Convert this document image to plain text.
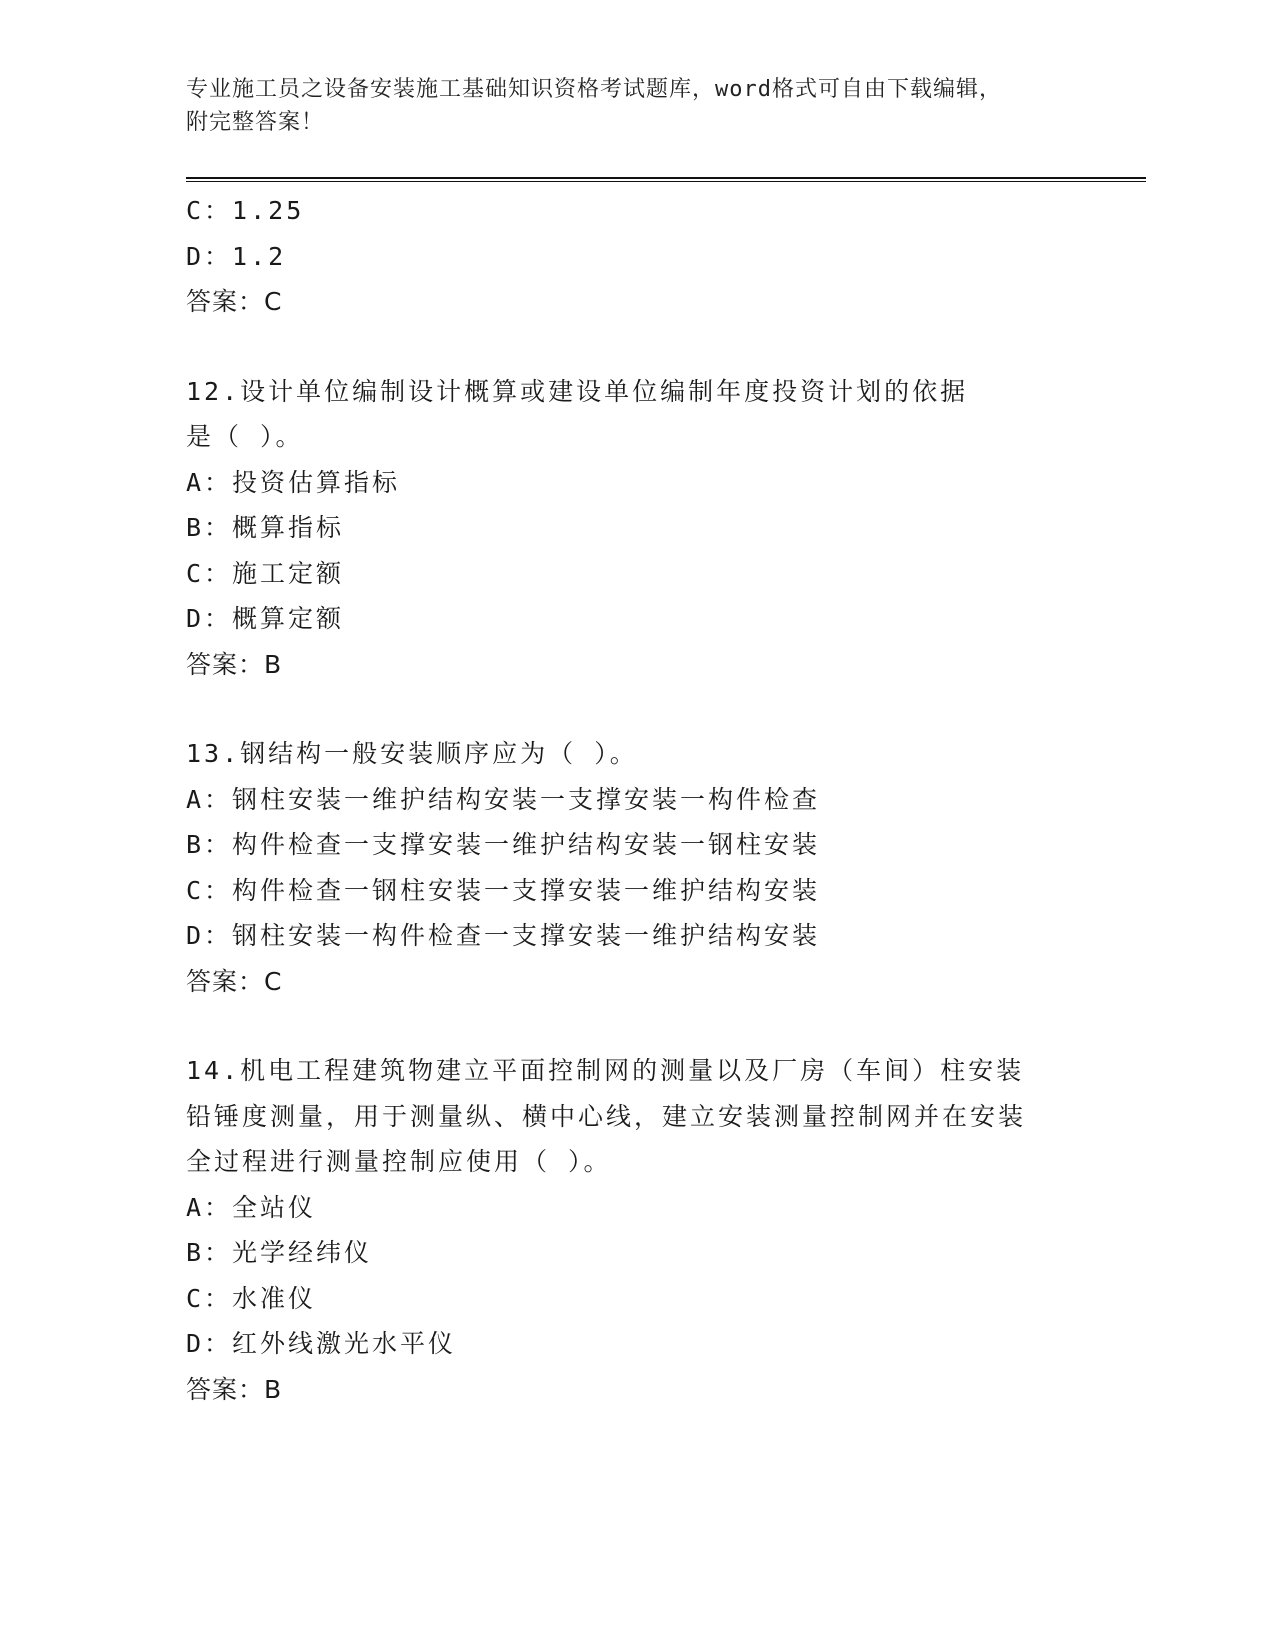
专业施工员之设备安装施工基础知识资格考试题库，word格式可自由下载编辑，
附完整答案！
C：1.25
D：1.2
答案：C
12.设计单位编制设计概算或建设单位编制年度投资计划的依据是（ ）。
A：投资估算指标
B：概算指标
C：施工定额
D：概算定额
答案：B
13.钢结构一般安装顺序应为（ ）。
A：钢柱安装一维护结构安装一支撑安装一构件检查
B：构件检查一支撑安装一维护结构安装一钢柱安装
C：构件检查一钢柱安装一支撑安装一维护结构安装
D：钢柱安装一构件检查一支撑安装一维护结构安装
答案：C
14.机电工程建筑物建立平面控制网的测量以及厂房（车间）柱安装铅锤度测量，用于测量纵、横中心线，建立安装测量控制网并在安装全过程进行测量控制应使用（ ）。
A：全站仪
B：光学经纬仪
C：水准仪
D：红外线激光水平仪
答案：B
